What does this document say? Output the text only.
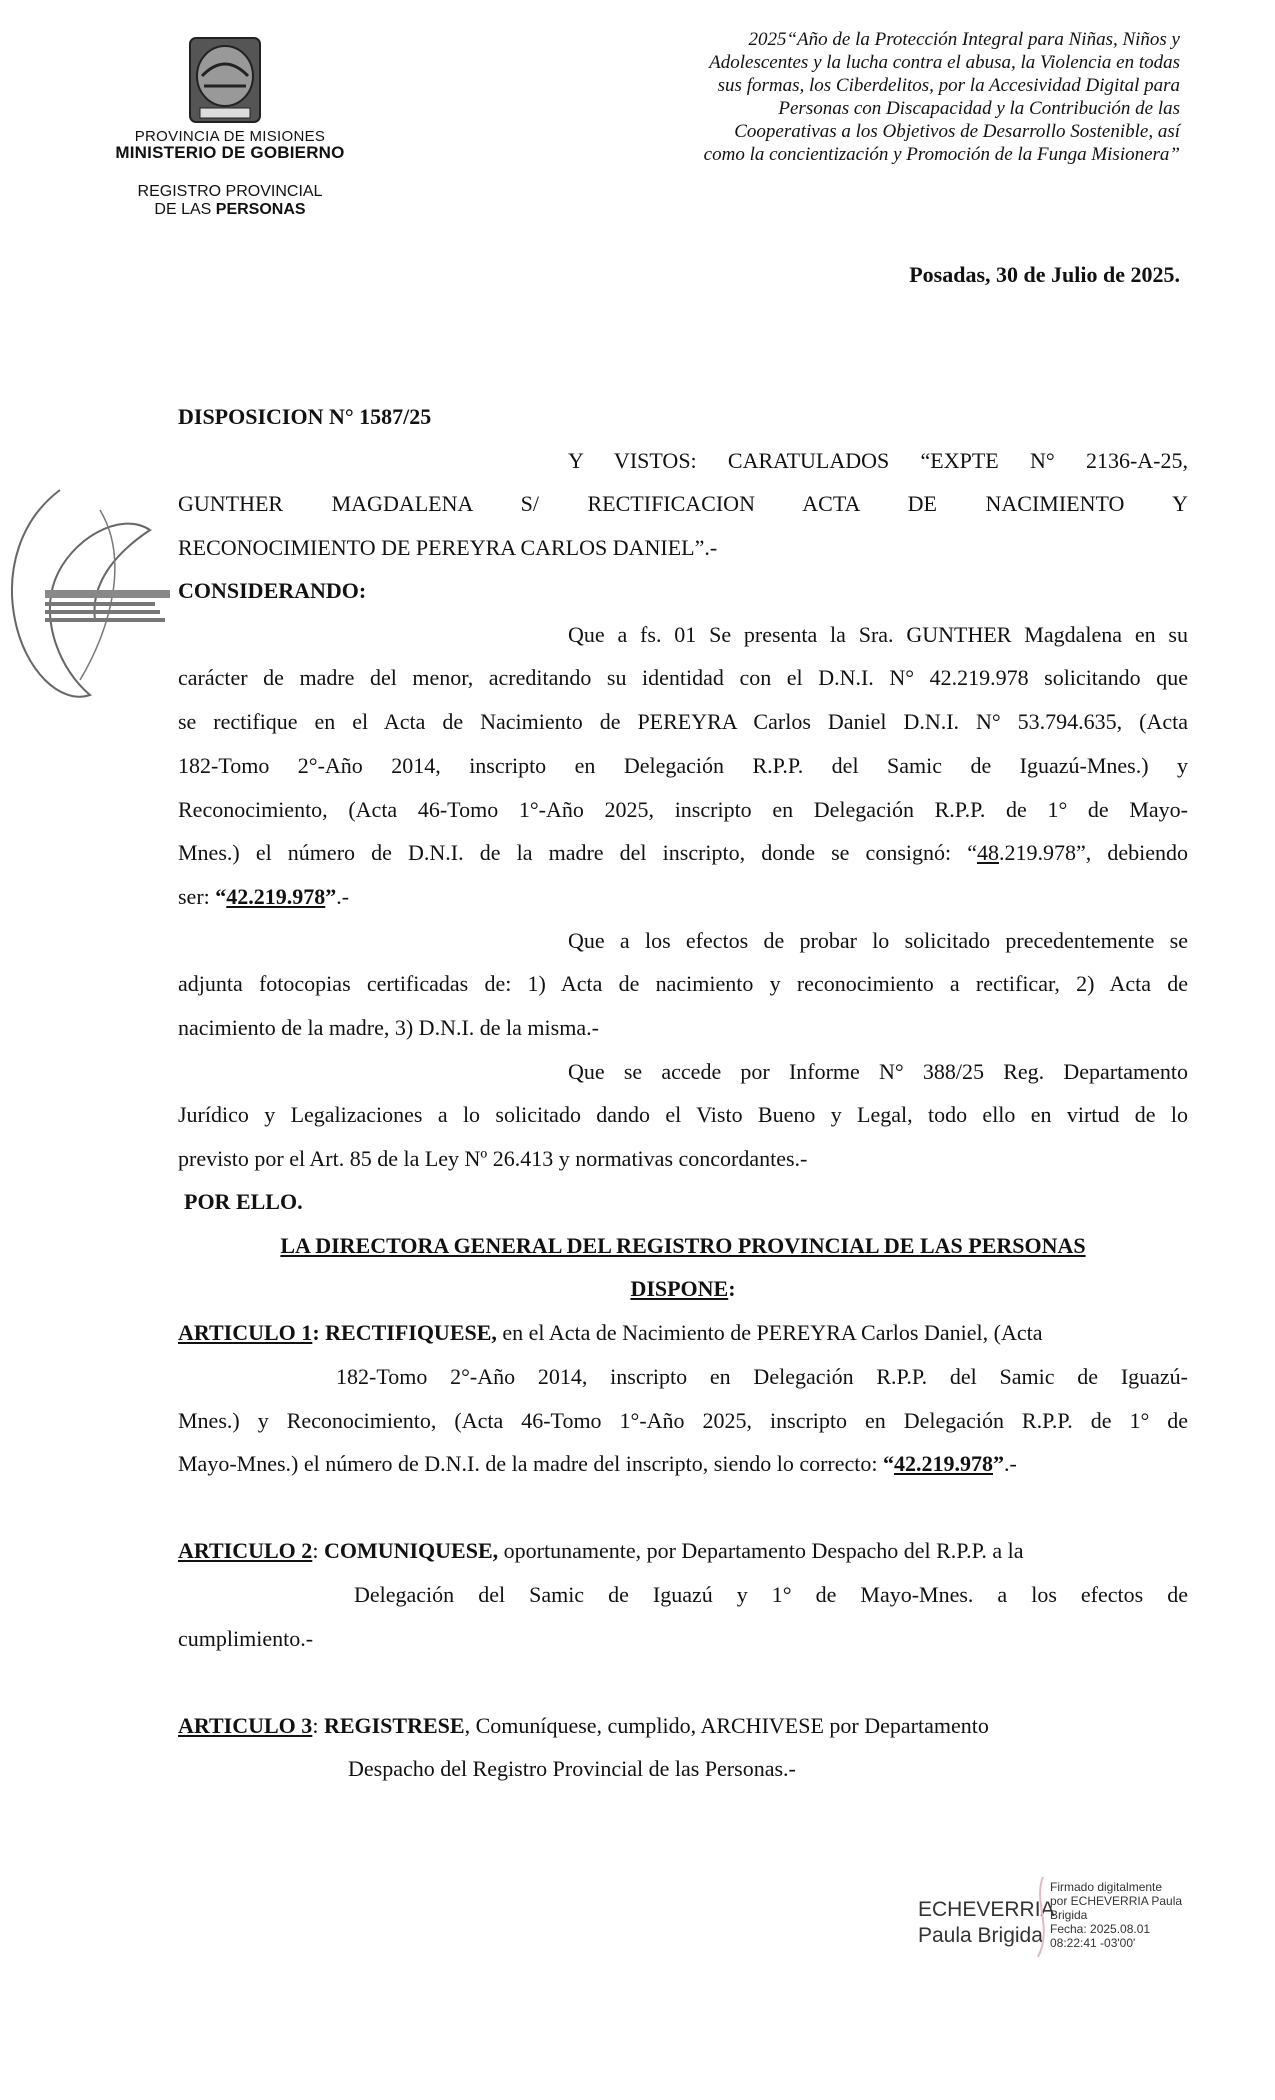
PROVINCIA DE MISIONES
MINISTERIO DE GOBIERNO
REGISTRO PROVINCIAL
DE LAS PERSONAS
2025“Año de la Protección Integral para Niñas, Niños y
Adolescentes y la lucha contra el abusa, la Violencia en todas
sus formas, los Ciberdelitos, por la Accesividad Digital para
Personas con Discapacidad y la Contribución de las
Cooperativas a los Objetivos de Desarrollo Sostenible, así
como la concientización y Promoción de la Funga Misionera”
Posadas, 30 de Julio de 2025.
DISPOSICION N° 1587/25
Y VISTOS: CARATULADOS “EXPTE N° 2136-A-25,
GUNTHER MAGDALENA S/ RECTIFICACION ACTA DE NACIMIENTO Y
RECONOCIMIENTO DE PEREYRA CARLOS DANIEL”.-
CONSIDERANDO:
Que a fs. 01 Se presenta la Sra. GUNTHER Magdalena en su
carácter de madre del menor, acreditando su identidad con el D.N.I. N° 42.219.978 solicitando que
se rectifique en el Acta de Nacimiento de PEREYRA Carlos Daniel D.N.I. N° 53.794.635, (Acta
182-Tomo 2°-Año 2014, inscripto en Delegación R.P.P. del Samic de Iguazú-Mnes.) y
Reconocimiento, (Acta 46-Tomo 1°-Año 2025, inscripto en Delegación R.P.P. de 1° de Mayo-
Mnes.) el número de D.N.I. de la madre del inscripto, donde se consignó: “48.219.978”, debiendo
ser: “42.219.978”.-
Que a los efectos de probar lo solicitado precedentemente se
adjunta fotocopias certificadas de: 1) Acta de nacimiento y reconocimiento a rectificar, 2) Acta de
nacimiento de la madre, 3) D.N.I. de la misma.-
Que se accede por Informe N° 388/25 Reg. Departamento
Jurídico y Legalizaciones a lo solicitado dando el Visto Bueno y Legal, todo ello en virtud de lo
previsto por el Art. 85 de la Ley Nº 26.413 y normativas concordantes.-
POR ELLO.
LA DIRECTORA GENERAL DEL REGISTRO PROVINCIAL DE LAS PERSONAS
DISPONE:
ARTICULO 1: RECTIFIQUESE, en el Acta de Nacimiento de PEREYRA Carlos Daniel, (Acta
182-Tomo 2°-Año 2014, inscripto en Delegación R.P.P. del Samic de Iguazú-
Mnes.) y Reconocimiento, (Acta 46-Tomo 1°-Año 2025, inscripto en Delegación R.P.P. de 1° de
Mayo-Mnes.) el número de D.N.I. de la madre del inscripto, siendo lo correcto: “42.219.978”.-
ARTICULO 2: COMUNIQUESE, oportunamente, por Departamento Despacho del R.P.P. a la
Delegación del Samic de Iguazú y 1° de Mayo-Mnes. a los efectos de
cumplimiento.-
ARTICULO 3: REGISTRESE, Comuníquese, cumplido, ARCHIVESE por Departamento
Despacho del Registro Provincial de las Personas.-
ECHEVERRIA
Paula Brigida
Firmado digitalmente
por ECHEVERRIA Paula
Brigida
Fecha: 2025.08.01
08:22:41 -03'00'
